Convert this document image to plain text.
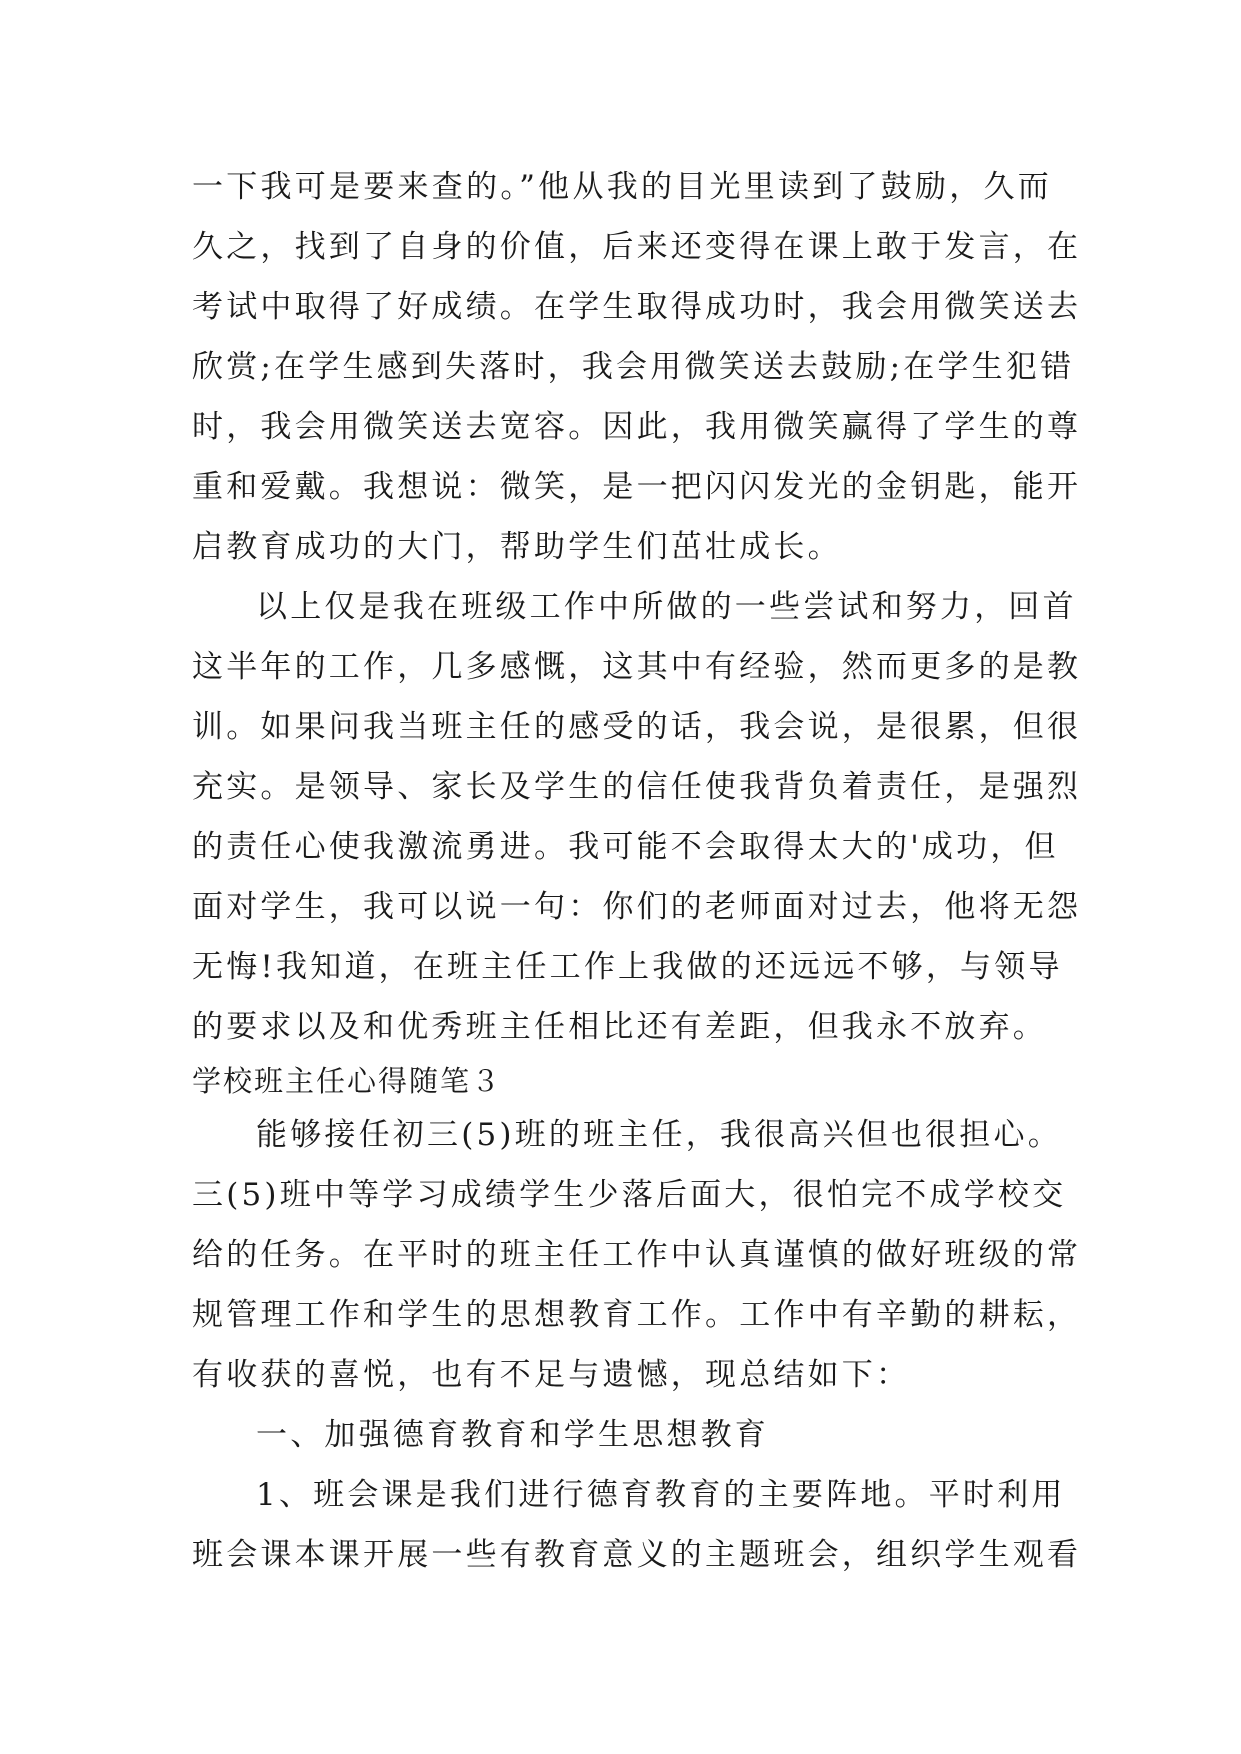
一下我可是要来查的。”他从我的目光里读到了鼓励，久而
久之，找到了自身的价值，后来还变得在课上敢于发言，在
考试中取得了好成绩。在学生取得成功时，我会用微笑送去
欣赏;在学生感到失落时，我会用微笑送去鼓励;在学生犯错
时，我会用微笑送去宽容。因此，我用微笑赢得了学生的尊
重和爱戴。我想说：微笑，是一把闪闪发光的金钥匙，能开
启教育成功的大门，帮助学生们茁壮成长。
以上仅是我在班级工作中所做的一些尝试和努力，回首
这半年的工作，几多感慨，这其中有经验，然而更多的是教
训。如果问我当班主任的感受的话，我会说，是很累，但很
充实。是领导、家长及学生的信任使我背负着责任，是强烈
的责任心使我激流勇进。我可能不会取得太大的'成功，但
面对学生，我可以说一句：你们的老师面对过去，他将无怨
无悔!我知道，在班主任工作上我做的还远远不够，与领导
的要求以及和优秀班主任相比还有差距，但我永不放弃。
学校班主任心得随笔３
能够接任初三(5)班的班主任，我很高兴但也很担心。
三(5)班中等学习成绩学生少落后面大，很怕完不成学校交
给的任务。在平时的班主任工作中认真谨慎的做好班级的常
规管理工作和学生的思想教育工作。工作中有辛勤的耕耘，
有收获的喜悦，也有不足与遗憾，现总结如下：
一、加强德育教育和学生思想教育
1、班会课是我们进行德育教育的主要阵地。平时利用
班会课本课开展一些有教育意义的主题班会，组织学生观看
